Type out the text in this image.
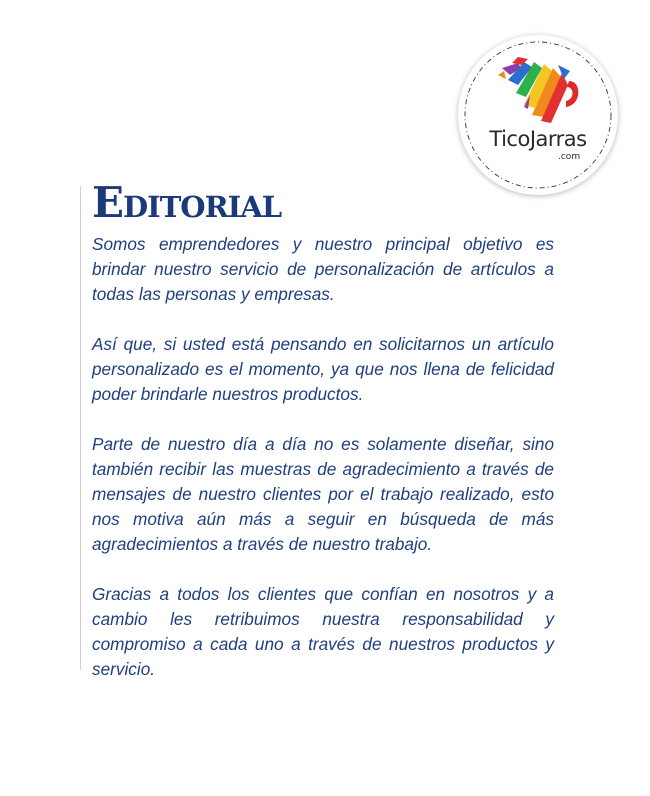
TicoJarras
.com
Editorial

Somos emprendedores y nuestro principal objetivo es brindar nuestro servicio de personalización de artículos a todas las personas y empresas.

Así que, si usted está pensando en solicitarnos un artículo personalizado es el momento, ya que nos llena de felicidad poder brindarle nuestros productos.

Parte de nuestro día a día no es solamente diseñar, sino también recibir las muestras de agradecimiento a través de mensajes de nuestro clientes por el trabajo realizado, esto nos motiva aún más a seguir en búsqueda de más agradecimientos a través de nuestro trabajo.

Gracias a todos los clientes que confían en nosotros y a cambio les retribuimos nuestra responsabilidad y compromiso a cada uno a través de nuestros productos y servicio.
